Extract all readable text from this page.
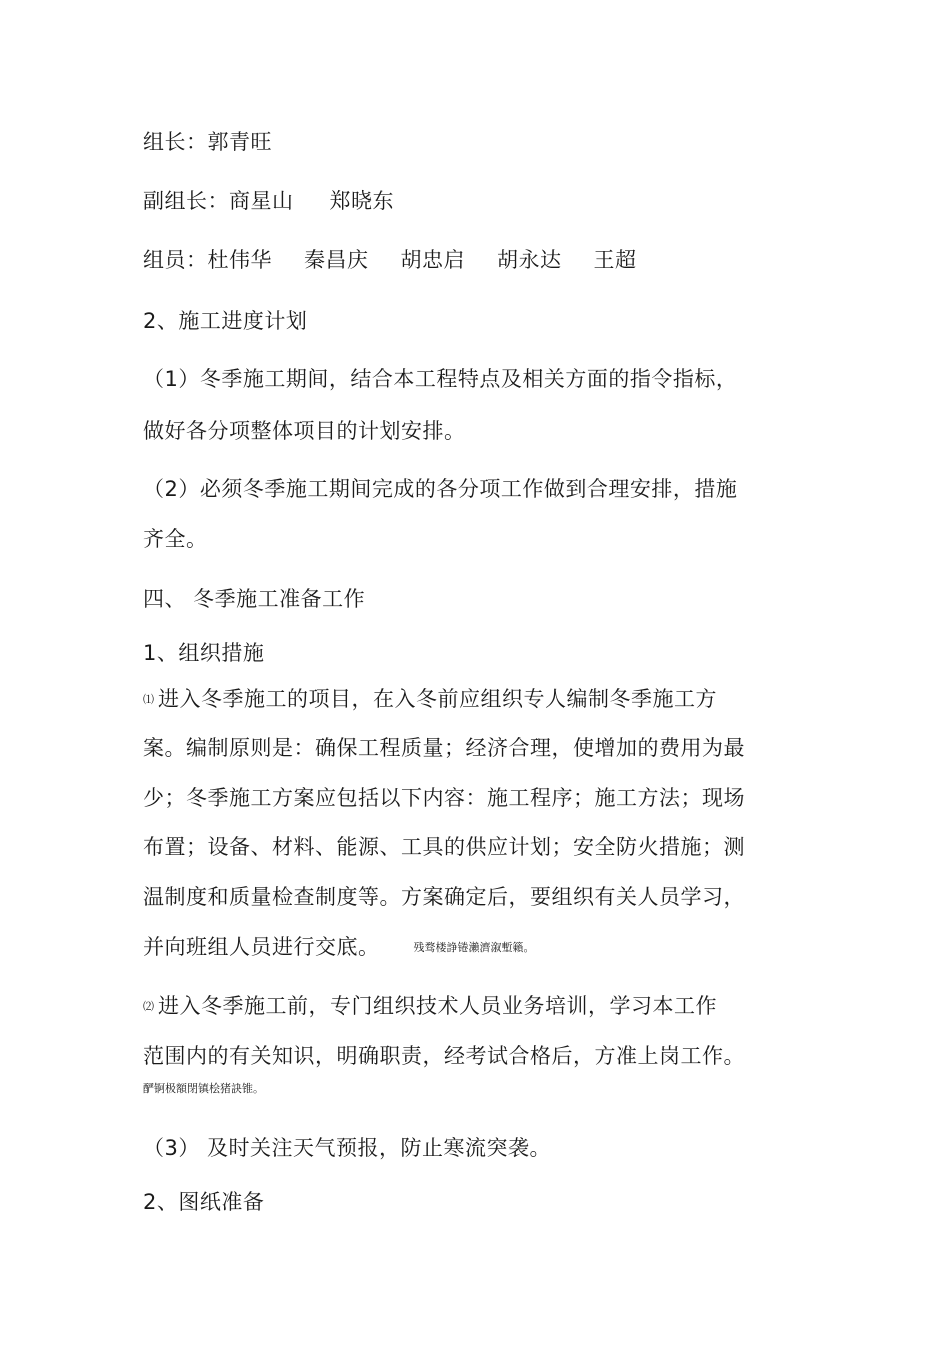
组长：郭青旺
副组长：商星山 郑晓东
组员：杜伟华 秦昌庆 胡忠启 胡永达 王超
2、施工进度计划
（1）冬季施工期间，结合本工程特点及相关方面的指令指标，
做好各分项整体项目的计划安排。
（2）必须冬季施工期间完成的各分项工作做到合理安排，措施
齐全。
四、 冬季施工准备工作
1、组织措施
⑴ 进入冬季施工的项目，在入冬前应组织专人编制冬季施工方
案。编制原则是：确保工程质量；经济合理，使增加的费用为最
少；冬季施工方案应包括以下内容：施工程序；施工方法；现场
布置；设备、材料、能源、工具的供应计划；安全防火措施；测
温制度和质量检查制度等。方案确定后，要组织有关人员学习，
并向班组人员进行交底。	残骛楼諍锩瀨濟溆塹籟。
⑵ 进入冬季施工前，专门组织技术人员业务培训，学习本工作
范围内的有关知识，明确职责，经考试合格后，方准上岗工作。
酽锕极額閉镇桧猪訣锥。
（3） 及时关注天气预报，防止寒流突袭。
2、图纸准备
